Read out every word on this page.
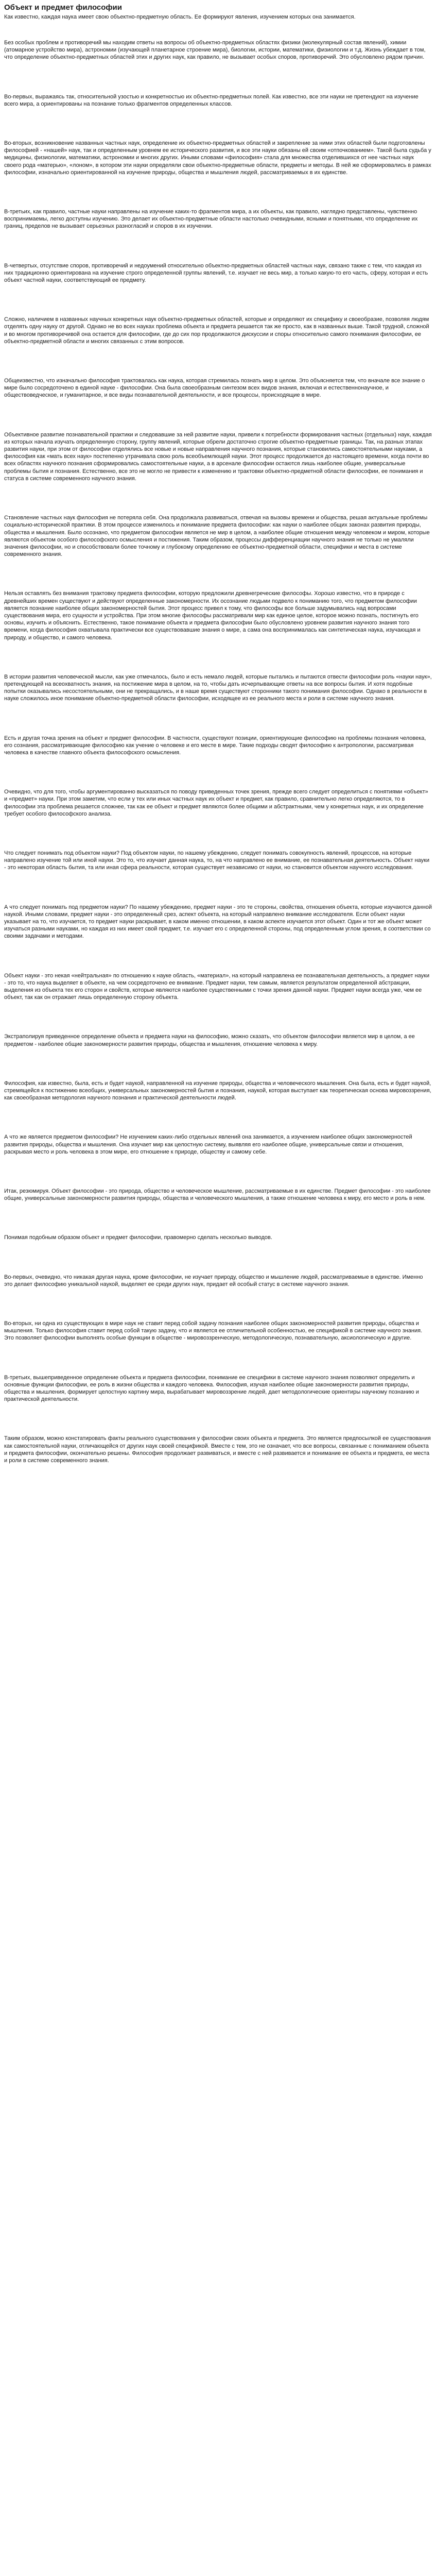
Объект и предмет философии

Как известно, каждая наука имеет свою объектно-предметную область. Ее формируют явления, изучением которых она занимается.

Без особых проблем и противоречий мы находим ответы на вопросы об объектно-предметных областях физики (молекулярный состав явлений), химии (атомарное устройство мира), астрономии (изучающей планетарное строение мира), биологии, истории, математики, физиологии и т.д. Жизнь убеждает в том, что определение объектно-предметных областей этих и других наук, как правило, не вызывает особых споров, противоречий. Это обусловлено рядом причин.

Во-первых, выражаясь так, относительной узостью и конкретностью их объектно-предметных полей. Как известно, все эти науки не претендуют на изучение всего мира, а ориентированы на познание только фрагментов определенных классов.

Во-вторых, возникновение названных частных наук, определение их объектно-предметных областей и закрепление за ними этих областей были подготовлены философией - «нашей» наук, так и определенным уровнем ее исторического развития, и все эти науки обязаны ей своим «отпочкованием». Такой была судьба у медицины, физиологии, математики, астрономии и многих других. Иными словами «философия» стала для множества отделившихся от нее частных наук своего рода «матерью», «лоном», в котором эти науки определяли свои объектно-предметные области, предметы и методы. В ней же сформировались в рамках философии, изначально ориентированной на изучение природы, общества и мышления людей, рассматриваемых в их единстве.

В-третьих, как правило, частные науки направлены на изучение каких-то фрагментов мира, а их объекты, как правило, наглядно представлены, чувственно воспринимаемы, легко доступны изучению. Это делает их объектно-предметные области настолько очевидными, ясными и понятными, что определение их границ, пределов не вызывает серьезных разногласий и споров в их изучении.

В-четвертых, отсутствие споров, противоречий и недоумений относительно объектно-предметных областей частных наук, связано также с тем, что каждая из них традиционно ориентирована на изучение строго определенной группы явлений, т.е. изучает не весь мир, а только какую-то его часть, сферу, которая и есть объект частной науки, соответствующий ее предмету.

Сложно, наличием в названных научных конкретных наук объектно-предметных областей, которые и определяют их специфику и своеобразие, позволяя людям отделять одну науку от другой. Однако не во всех науках проблема объекта и предмета решается так же просто, как в названных выше. Такой трудной, сложной и во многом противоречивой она остается для философии, где до сих пор продолжаются дискуссии и споры относительно самого понимания философии, ее объектно-предметной области и многих связанных с этим вопросов.

Общеизвестно, что изначально философия трактовалась как наука, которая стремилась познать мир в целом. Это объясняется тем, что вначале все знание о мире было сосредоточено в единой науке - философии. Она была своеобразным синтезом всех видов знания, включая и естественнонаучное, и обществоведческое, и гуманитарное, и все виды познавательной деятельности, и все процессы, происходящие в мире.

Объективное развитие познавательной практики и следовавшие за ней развитие науки, привели к потребности формирования частных (отдельных) наук, каждая из которых начала изучать определенную сторону, группу явлений, которые обрели достаточно строгие объектно-предметные границы. Так, на разных этапах развития науки, при этом от философии отделялись все новые и новые направления научного познания, которые становились самостоятельными науками, а философия как «мать всех наук» постепенно утрачивала свою роль всеобъемлющей науки. Этот процесс продолжается до настоящего времени, когда почти во всех областях научного познания сформировались самостоятельные науки, а в арсенале философии остаются лишь наиболее общие, универсальные проблемы бытия и познания. Естественно, все это не могло не привести к изменению и трактовки объектно-предметной области философии, ее понимания и статуса в системе современного научного знания.

Становление частных наук философия не потеряла себя. Она продолжала развиваться, отвечая на вызовы времени и общества, решая актуальные проблемы социально-исторической практики. В этом процессе изменилось и понимание предмета философии: как науки о наиболее общих законах развития природы, общества и мышления. Было осознано, что предметом философии является не мир в целом, а наиболее общие отношения между человеком и миром, которые являются объектом особого философского осмысления и постижения. Таким образом, процессы дифференциации научного знания не только не умаляли значения философии, но и способствовали более точному и глубокому определению ее объектно-предметной области, специфики и места в системе современного знания.

Нельзя оставлять без внимания трактовку предмета философии, которую предложили древнегреческие философы. Хорошо известно, что в природе с древнейших времен существуют и действуют определенные закономерности. Их осознание людьми подвело к пониманию того, что предметом философии является познание наиболее общих закономерностей бытия. Этот процесс привел к тому, что философы все больше задумывались над вопросами существования мира, его сущности и устройства. При этом многие философы рассматривали мир как единое целое, которое можно познать, постигнуть его основы, изучить и объяснить. Естественно, такое понимание объекта и предмета философии было обусловлено уровнем развития научного знания того времени, когда философия охватывала практически все существовавшие знания о мире, а сама она воспринималась как синтетическая наука, изучающая и природу, и общество, и самого человека.

В истории развития человеческой мысли, как уже отмечалось, было и есть немало людей, которые пытались и пытаются отвести философии роль «науки наук», претендующей на всеохватность знания, на постижение мира в целом, на то, чтобы дать исчерпывающие ответы на все вопросы бытия. И хотя подобные попытки оказывались несостоятельными, они не прекращались, и в наше время существуют сторонники такого понимания философии. Однако в реальности в науке сложилось иное понимание объектно-предметной области философии, исходящее из ее реального места и роли в системе научного знания.

Есть и другая точка зрения на объект и предмет философии. В частности, существуют позиции, ориентирующие философию на проблемы познания человека, его сознания, рассматривающие философию как учение о человеке и его месте в мире. Такие подходы сводят философию к антропологии, рассматривая человека в качестве главного объекта философского осмысления.

Очевидно, что для того, чтобы аргументированно высказаться по поводу приведенных точек зрения, прежде всего следует определиться с понятиями «объект» и «предмет» науки. При этом заметим, что если у тех или иных частных наук их объект и предмет, как правило, сравнительно легко определяются, то в философии эта проблема решается сложнее, так как ее объект и предмет являются более общими и абстрактными, чем у конкретных наук, и их определение требует особого философского анализа.

Что следует понимать под объектом науки? Под объектом науки, по нашему убеждению, следует понимать совокупность явлений, процессов, на которые направлено изучение той или иной науки. Это то, что изучает данная наука, то, на что направлено ее внимание, ее познавательная деятельность. Объект науки - это некоторая область бытия, та или иная сфера реальности, которая существует независимо от науки, но становится объектом научного исследования.

А что следует понимать под предметом науки? По нашему убеждению, предмет науки - это те стороны, свойства, отношения объекта, которые изучаются данной наукой. Иными словами, предмет науки - это определенный срез, аспект объекта, на который направлено внимание исследователя. Если объект науки указывает на то, что изучается, то предмет науки раскрывает, в каком именно отношении, в каком аспекте изучается этот объект. Один и тот же объект может изучаться разными науками, но каждая из них имеет свой предмет, т.е. изучает его с определенной стороны, под определенным углом зрения, в соответствии со своими задачами и методами.

Объект науки - это некая «нейтральная» по отношению к науке область, «материал», на который направлена ее познавательная деятельность, а предмет науки - это то, что наука выделяет в объекте, на чем сосредоточено ее внимание. Предмет науки, тем самым, является результатом определенной абстракции, выделения из объекта тех его сторон и свойств, которые являются наиболее существенными с точки зрения данной науки. Предмет науки всегда уже, чем ее объект, так как он отражает лишь определенную сторону объекта.

Экстраполируя приведенное определение объекта и предмета науки на философию, можно сказать, что объектом философии является мир в целом, а ее предметом - наиболее общие закономерности развития природы, общества и мышления, отношение человека к миру.

Философия, как известно, была, есть и будет наукой, направленной на изучение природы, общества и человеческого мышления. Она была, есть и будет наукой, стремящейся к постижению всеобщих, универсальных закономерностей бытия и познания, наукой, которая выступает как теоретическая основа мировоззрения, как своеобразная методология научного познания и практической деятельности людей.

А что же является предметом философии? Не изучением каких-либо отдельных явлений она занимается, а изучением наиболее общих закономерностей развития природы, общества и мышления. Она изучает мир как целостную систему, выявляя его наиболее общие, универсальные связи и отношения, раскрывая место и роль человека в этом мире, его отношение к природе, обществу и самому себе.

Итак, резюмируя. Объект философии - это природа, общество и человеческое мышление, рассматриваемые в их единстве. Предмет философии - это наиболее общие, универсальные закономерности развития природы, общества и человеческого мышления, а также отношение человека к миру, его место и роль в нем.

Понимая подобным образом объект и предмет философии, правомерно сделать несколько выводов.

Во-первых, очевидно, что никакая другая наука, кроме философии, не изучает природу, общество и мышление людей, рассматриваемые в единстве. Именно это делает философию уникальной наукой, выделяет ее среди других наук, придает ей особый статус в системе научного знания.

Во-вторых, ни одна из существующих в мире наук не ставит перед собой задачу познания наиболее общих закономерностей развития природы, общества и мышления. Только философия ставит перед собой такую задачу, что и является ее отличительной особенностью, ее спецификой в системе научного знания. Это позволяет философии выполнять особые функции в обществе - мировоззренческую, методологическую, познавательную, аксиологическую и другие.

В-третьих, вышеприведенное определение объекта и предмета философии, понимание ее специфики в системе научного знания позволяют определить и основные функции философии, ее роль в жизни общества и каждого человека. Философия, изучая наиболее общие закономерности развития природы, общества и мышления, формирует целостную картину мира, вырабатывает мировоззрение людей, дает методологические ориентиры научному познанию и практической деятельности.

Таким образом, можно констатировать факты реального существования у философии своих объекта и предмета. Это является предпосылкой ее существования как самостоятельной науки, отличающейся от других наук своей спецификой. Вместе с тем, это не означает, что все вопросы, связанные с пониманием объекта и предмета философии, окончательно решены. Философия продолжает развиваться, и вместе с ней развивается и понимание ее объекта и предмета, ее места и роли в системе современного знания.
